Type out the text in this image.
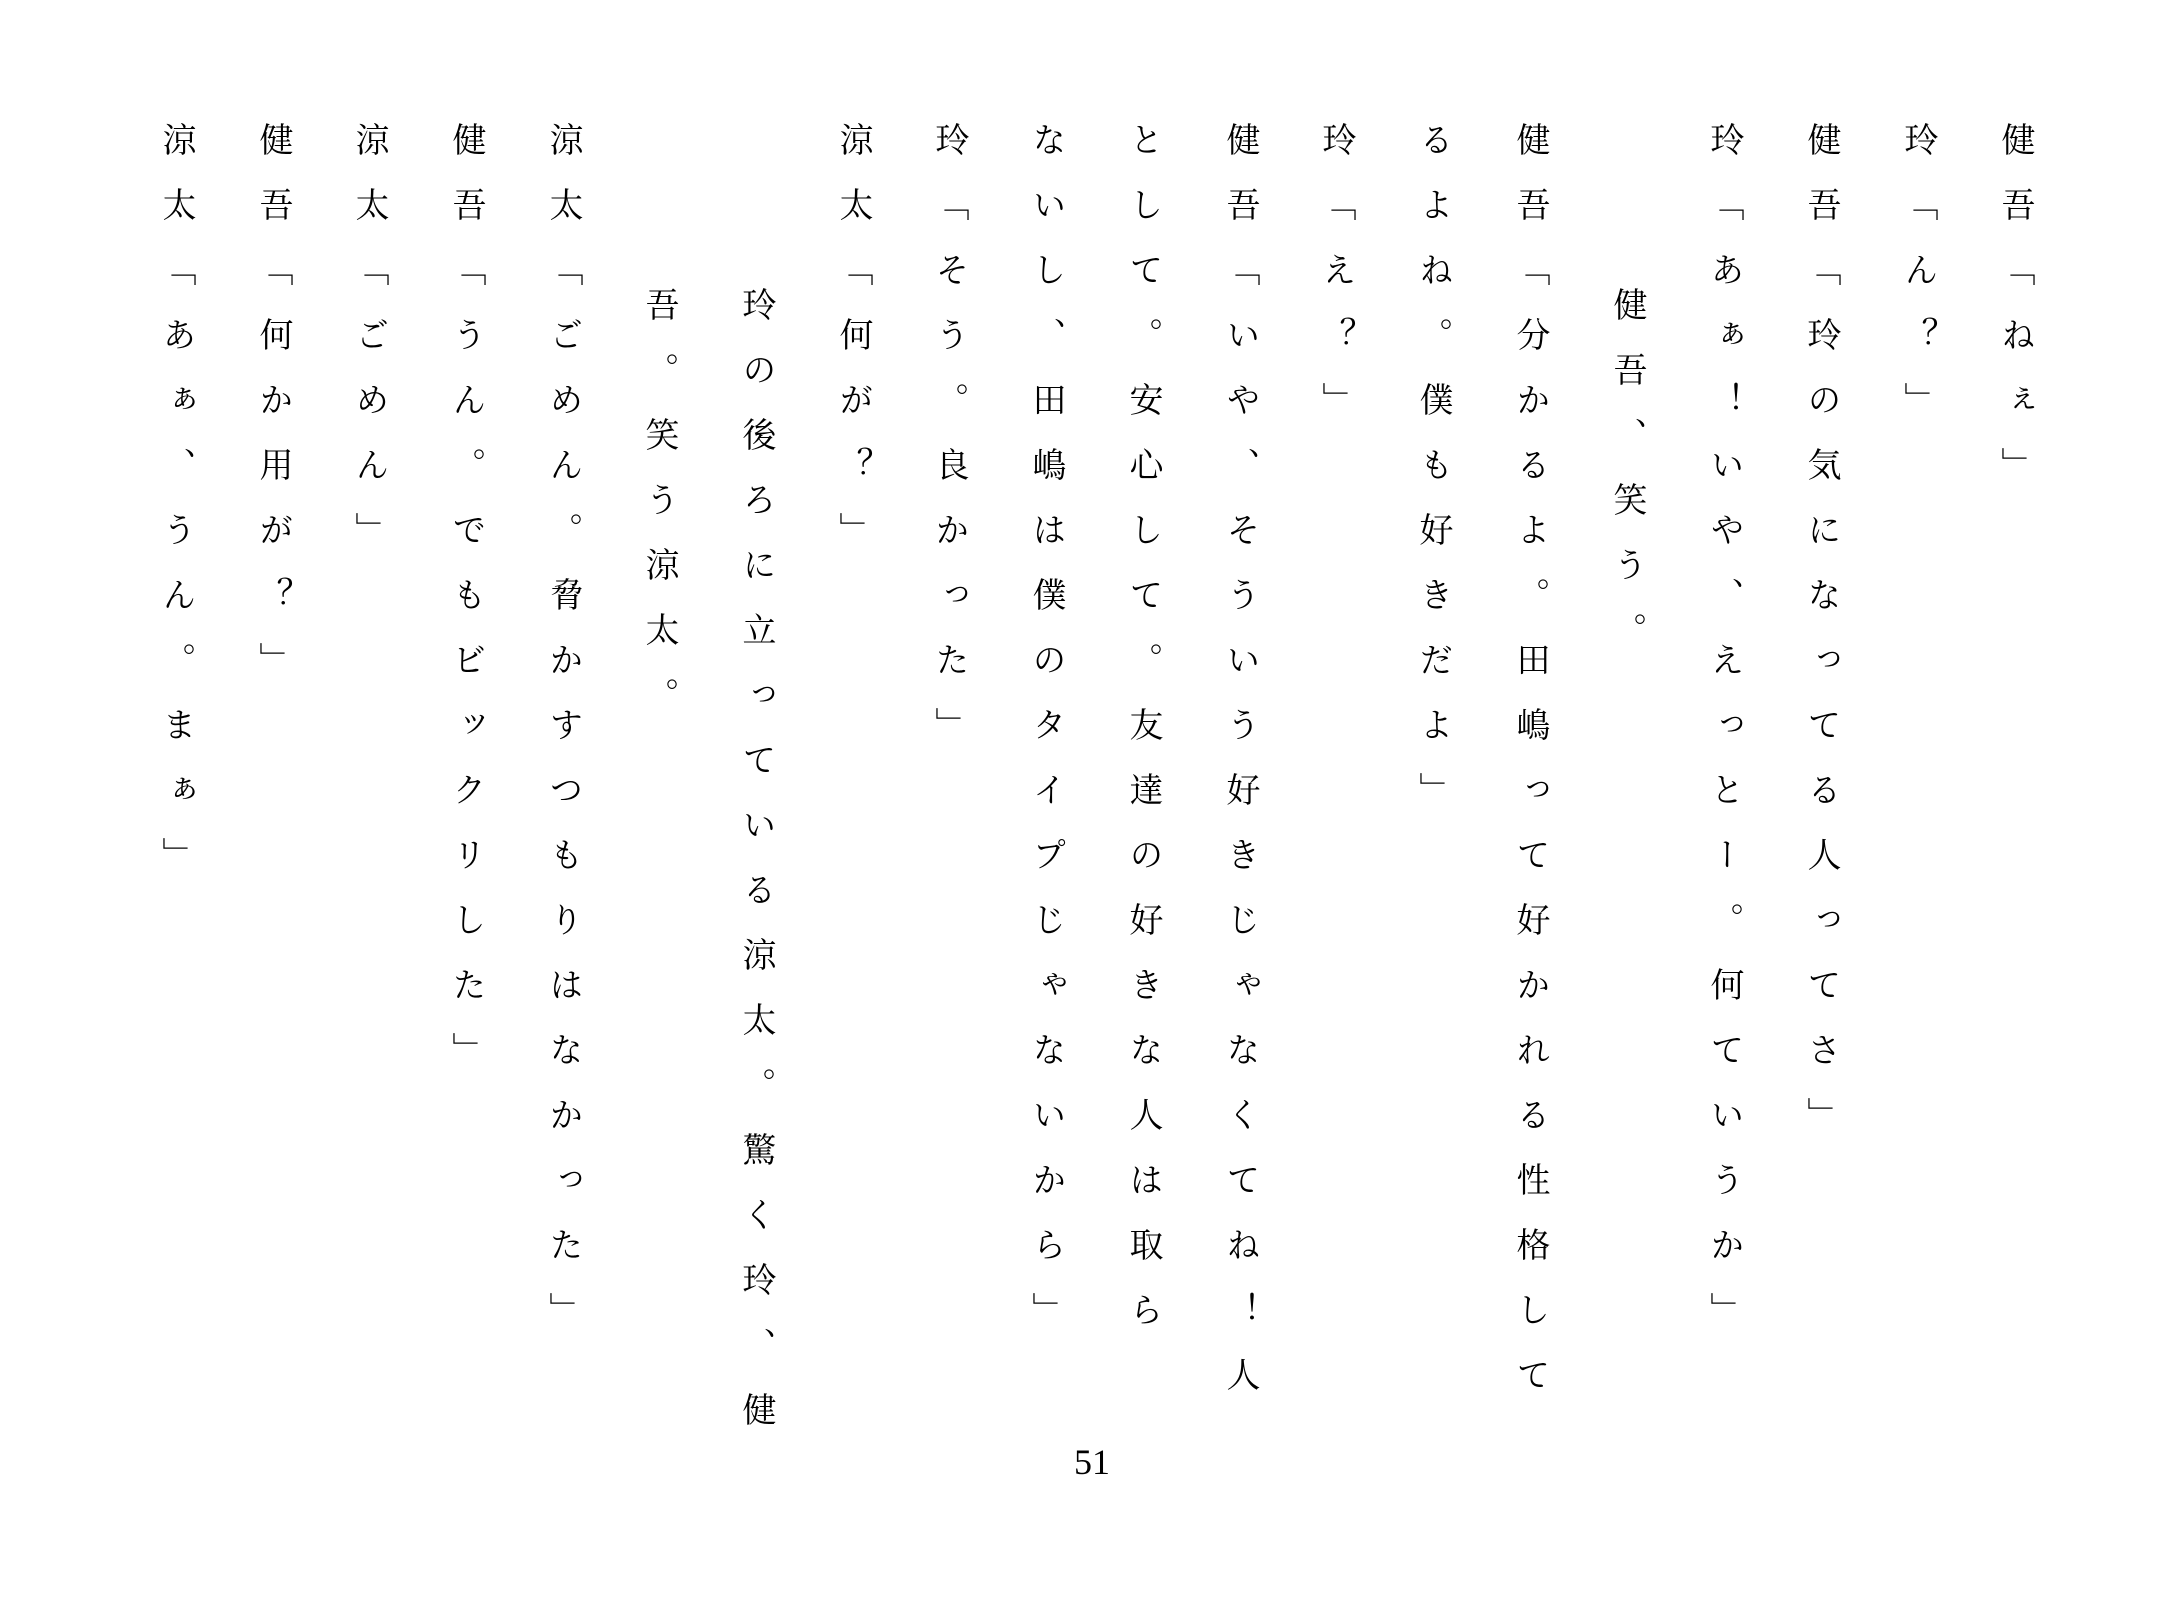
健吾「ねぇ」

玲「ん？」

健吾「玲の気になってる人ってさ」

玲「あぁ！いや、えっとー。何ていうか」

健吾、笑う。

健吾「分かるよ。田嶋って好かれる性格して

るよね。僕も好きだよ」

玲「え？」

健吾「いや、そういう好きじゃなくてね！人

として。安心して。友達の好きな人は取ら

ないし、田嶋は僕のタイプじゃないから」

玲「そう。良かった」

涼太「何が？」

玲の後ろに立っている涼太。驚く玲、健

吾。笑う涼太。

涼太「ごめん。脅かすつもりはなかった」

健吾「うん。でもビックリした」

涼太「ごめん」

健吾「何か用が？」

涼太「あぁ、うん。まぁ」

51
